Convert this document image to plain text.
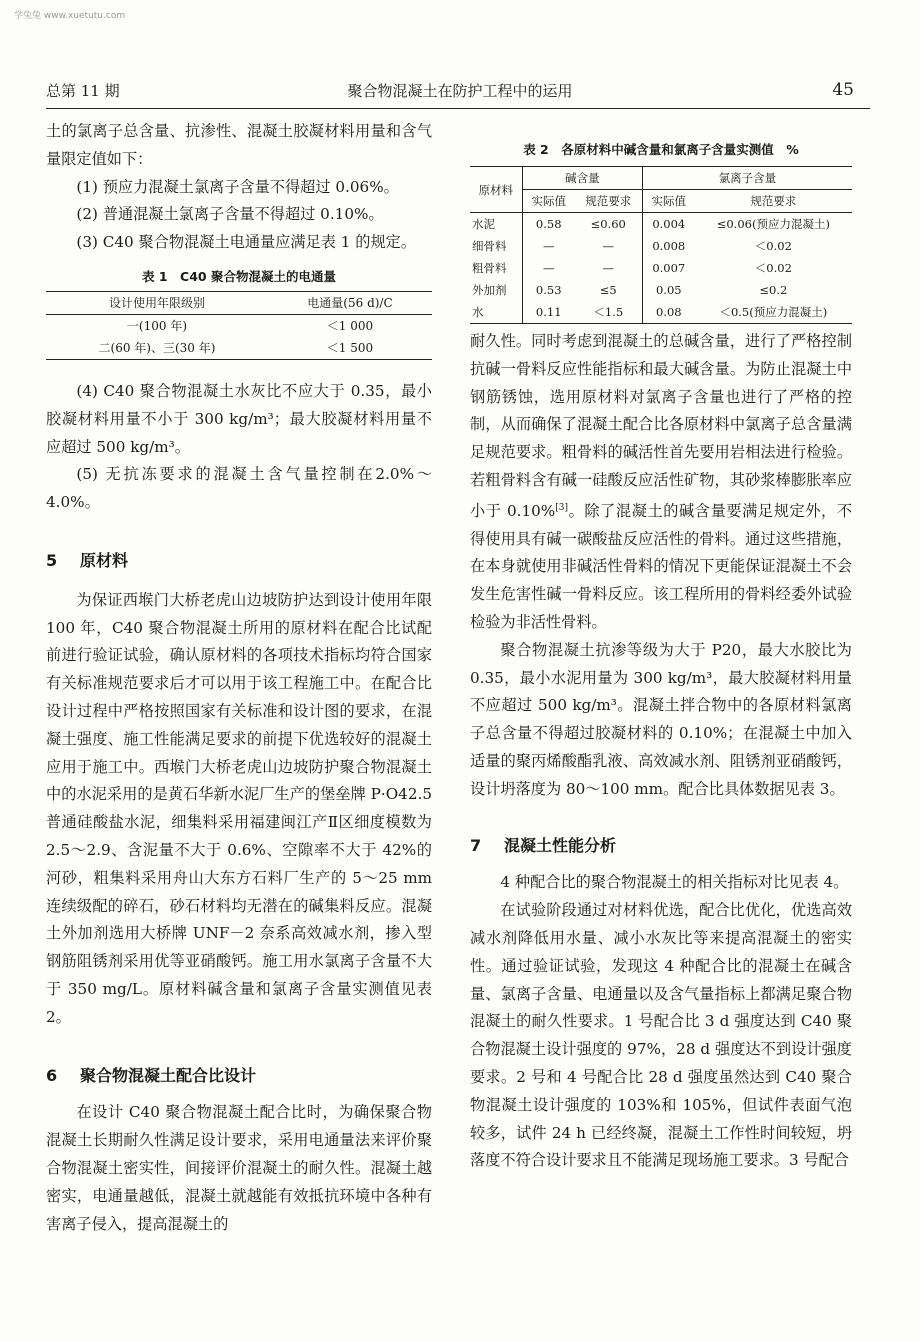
学兔兔 www.xuetutu.com
总第 11 期	聚合物混凝土在防护工程中的运用	45

土的氯离子总含量、抗渗性、混凝土胶凝材料用量和含气量限定值如下：

(1) 预应力混凝土氯离子含量不得超过 0.06%。

(2) 普通混凝土氯离子含量不得超过 0.10%。

(3) C40 聚合物混凝土电通量应满足表 1 的规定。

表 1　C40 聚合物混凝土的电通量

设计使用年限级别	电通量(56 d)/C
一(100 年)	＜1 000
二(60 年)、三(30 年)	＜1 500

(4) C40 聚合物混凝土水灰比不应大于 0.35，最小胶凝材料用量不小于 300 kg/m³；最大胶凝材料用量不应超过 500 kg/m³。

(5) 无抗冻要求的混凝土含气量控制在2.0%～4.0%。

5 原材料

为保证西堠门大桥老虎山边坡防护达到设计使用年限 100 年，C40 聚合物混凝土所用的原材料在配合比试配前进行验证试验，确认原材料的各项技术指标均符合国家有关标准规范要求后才可以用于该工程施工中。在配合比设计过程中严格按照国家有关标准和设计图的要求，在混凝土强度、施工性能满足要求的前提下优选较好的混凝土应用于施工中。西堠门大桥老虎山边坡防护聚合物混凝土中的水泥采用的是黄石华新水泥厂生产的堡垒牌 P·O42.5普通硅酸盐水泥，细集料采用福建闽江产Ⅱ区细度模数为 2.5～2.9、含泥量不大于 0.6%、空隙率不大于 42%的河砂，粗集料采用舟山大东方石料厂生产的 5～25 mm 连续级配的碎石，砂石材料均无潜在的碱集料反应。混凝土外加剂选用大桥牌 UNF－2 奈系高效减水剂，掺入型钢筋阻锈剂采用优等亚硝酸钙。施工用水氯离子含量不大于 350 mg/L。原材料碱含量和氯离子含量实测值见表 2。

6 聚合物混凝土配合比设计

在设计 C40 聚合物混凝土配合比时，为确保聚合物混凝土长期耐久性满足设计要求，采用电通量法来评价聚合物混凝土密实性，间接评价混凝土的耐久性。混凝土越密实，电通量越低，混凝土就越能有效抵抗环境中各种有害离子侵入，提高混凝土的

表 2　各原材料中碱含量和氯离子含量实测值　%

原材料	碱含量		氯离子含量	
	实际值	规范要求	实际值	规范要求
水泥	0.58	≤0.60	0.004	≤0.06(预应力混凝土)
细骨料	—	—	0.008	＜0.02
粗骨料	—	—	0.007	＜0.02
外加剂	0.53	≤5	0.05	≤0.2
水	0.11	＜1.5	0.08	＜0.5(预应力混凝土)

耐久性。同时考虑到混凝土的总碱含量，进行了严格控制抗碱一骨料反应性能指标和最大碱含量。为防止混凝土中钢筋锈蚀，选用原材料对氯离子含量也进行了严格的控制，从而确保了混凝土配合比各原材料中氯离子总含量满足规范要求。粗骨料的碱活性首先要用岩相法进行检验。若粗骨料含有碱一硅酸反应活性矿物，其砂浆棒膨胀率应小于 0.10%[3]。除了混凝土的碱含量要满足规定外，不得使用具有碱一碳酸盐反应活性的骨料。通过这些措施，在本身就使用非碱活性骨料的情况下更能保证混凝土不会发生危害性碱一骨料反应。该工程所用的骨料经委外试验检验为非活性骨料。

聚合物混凝土抗渗等级为大于 P20，最大水胶比为 0.35，最小水泥用量为 300 kg/m³，最大胶凝材料用量不应超过 500 kg/m³。混凝土拌合物中的各原材料氯离子总含量不得超过胶凝材料的 0.10%；在混凝土中加入适量的聚丙烯酸酯乳液、高效减水剂、阻锈剂亚硝酸钙，设计坍落度为 80～100 mm。配合比具体数据见表 3。

7 混凝土性能分析

4 种配合比的聚合物混凝土的相关指标对比见表 4。

在试验阶段通过对材料优选，配合比优化，优选高效减水剂降低用水量、减小水灰比等来提高混凝土的密实性。通过验证试验，发现这 4 种配合比的混凝土在碱含量、氯离子含量、电通量以及含气量指标上都满足聚合物混凝土的耐久性要求。1 号配合比 3 d 强度达到 C40 聚合物混凝土设计强度的 97%，28 d 强度达不到设计强度要求。2 号和 4 号配合比 28 d 强度虽然达到 C40 聚合物混凝土设计强度的 103%和 105%，但试件表面气泡较多，试件 24 h 已经终凝，混凝土工作性时间较短，坍落度不符合设计要求且不能满足现场施工要求。3 号配合
